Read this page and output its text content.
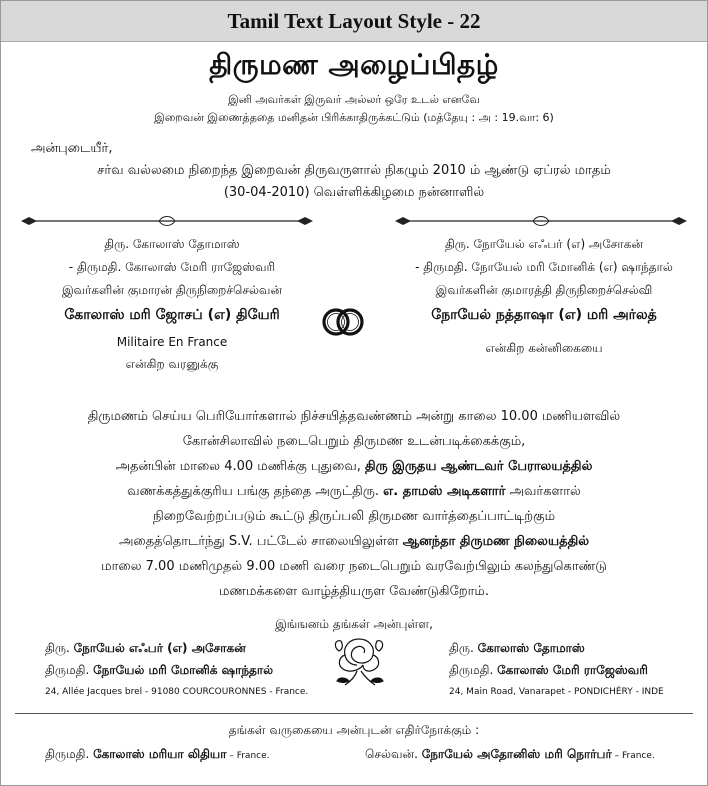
Tamil Text Layout Style - 22
திருமண அழைப்பிதழ்
இனி அவர்கள் இருவர் அல்லர் ஒரே உடல் எனவே
இறைவன் இணைத்ததை மனிதன் பிரிக்காதிருக்கட்டும் (மத்தேயு : அ : 19.வா: 6)
அன்புடையீர்,
சர்வ வல்லமை நிறைந்த இறைவன் திருவருளால் நிகழும் 2010 ம் ஆண்டு ஏப்ரல் மாதம்
(30-04-2010) வெள்ளிக்கிழமை நன்னாளில்
திரு. கோலாஸ் தோமாஸ்
- திருமதி. கோலாஸ் மேரி ராஜேஸ்வரி
இவர்களின் குமாரன் திருநிறைச்செல்வன்
கோலாஸ் மரி ஜோசப் (எ) தியேரி
Militaire En France
என்கிற வரனுக்கு
திரு. நோயேல் எஃபர் (எ) அசோகன்
- திருமதி. நோயேல் மரி மோனிக் (எ) ஷாந்தால்
இவர்களின் குமாரத்தி திருநிறைச்செல்வி
நோயேல் நத்தாஷா (எ) மரி அர்லத்
என்கிற கன்னிகையை
திருமணம் செய்ய பெரியோர்களால் நிச்சயித்தவண்ணம் அன்று காலை 10.00 மணியளவில்
கோன்சிலாவில் நடைபெறும் திருமண உடன்படிக்கைக்கும்,
அதன்பின் மாலை 4.00 மணிக்கு புதுவை, திரு இருதய ஆண்டவர் பேராலயத்தில்
வணக்கத்துக்குரிய பங்கு தந்தை அருட்திரு. எ. தாமஸ் அடிகளார் அவர்களால்
நிறைவேற்றப்படும் கூட்டு திருப்பலி திருமண வார்த்தைப்பாட்டிற்கும்
அதைத்தொடர்ந்து S.V. பட்டேல் சாலையிலுள்ள ஆனந்தா திருமண நிலையத்தில்
மாலை 7.00 மணிமுதல் 9.00 மணி வரை நடைபெறும் வரவேற்பிலும் கலந்துகொண்டு
மணமக்களை வாழ்த்தியருள வேண்டுகிறோம்.
இங்ஙனம் தங்கள் அன்புள்ள,
திரு. நோயேல் எஃபர் (எ) அசோகன்
திருமதி. நோயேல் மரி மோனிக் ஷாந்தால்
24, Allée Jacques brel - 91080 COURCOURONNES - France.
திரு. கோலாஸ் தோமாஸ்
திருமதி. கோலாஸ் மேரி ராஜேஸ்வரி
24, Main Road, Vanarapet - PONDICHÉRY - INDE
தங்கள் வருகையை அன்புடன் எதிர்நோக்கும் :
திருமதி. கோலாஸ் மரியா லிதியா – France.	செல்வன். நோயேல் அதோனிஸ் மரி நொர்பர் – France.
